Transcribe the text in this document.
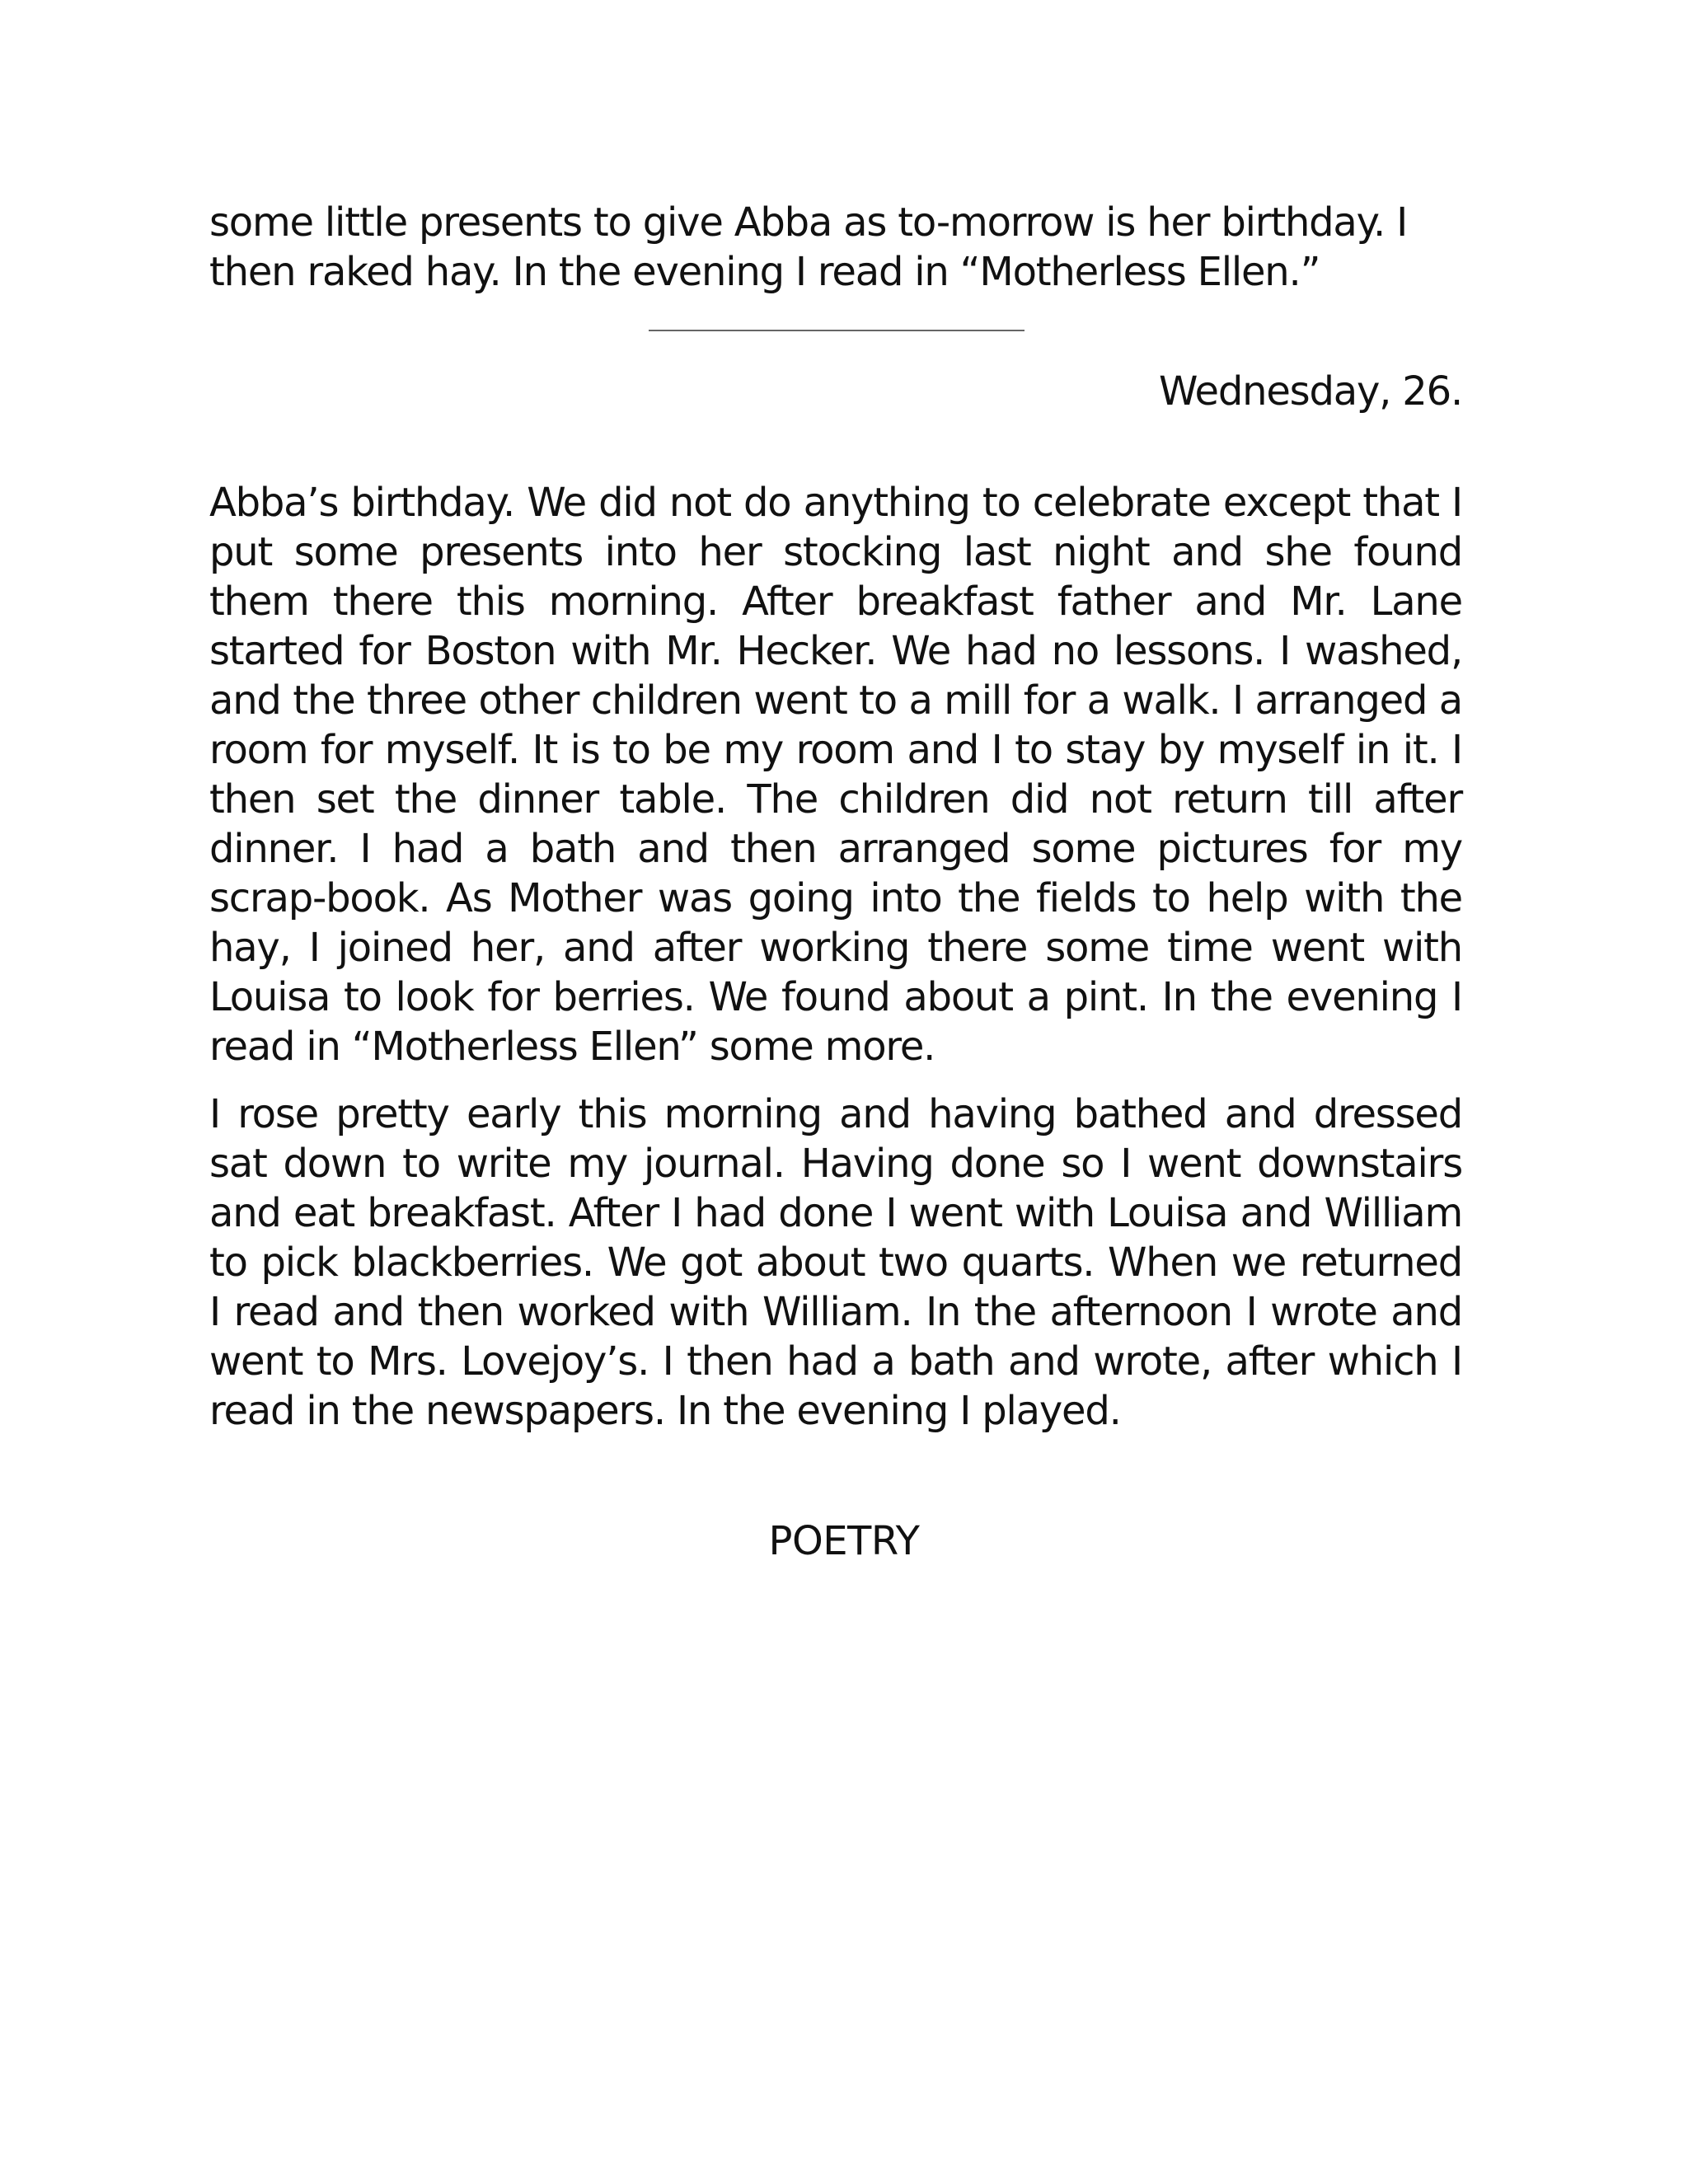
some little presents to give Abba as to-morrow is her birthday. I then raked hay. In the evening I read in “Motherless Ellen.”

Wednesday, 26.

Abba’s birthday. We did not do anything to celebrate except that I put some presents into her stocking last night and she found them there this morning. After breakfast father and Mr. Lane started for Boston with Mr. Hecker. We had no lessons. I washed, and the three other children went to a mill for a walk. I arranged a room for myself. It is to be my room and I to stay by myself in it. I then set the dinner table. The children did not return till after dinner. I had a bath and then arranged some pictures for my scrap-book. As Mother was going into the fields to help with the hay, I joined her, and after working there some time went with Louisa to look for berries. We found about a pint. In the evening I read in “Motherless Ellen” some more.

I rose pretty early this morning and having bathed and dressed sat down to write my journal. Having done so I went downstairs and eat breakfast. After I had done I went with Louisa and William to pick blackberries. We got about two quarts. When we returned I read and then worked with William. In the afternoon I wrote and went to Mrs. Lovejoy’s. I then had a bath and wrote, after which I read in the newspapers. In the evening I played.

POETRY
